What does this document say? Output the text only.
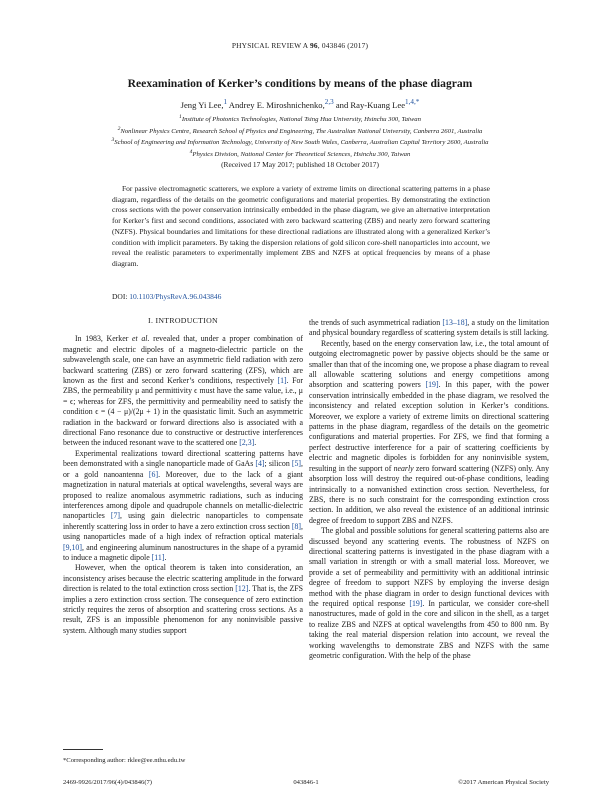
PHYSICAL REVIEW A 96, 043846 (2017)
Reexamination of Kerker’s conditions by means of the phase diagram
Jeng Yi Lee,$^1$ Andrey E. Miroshnichenko,$^{2,3}$ and Ray-Kuang Lee$^{1,4,*}$
$^1$Institute of Photonics Technologies, National Tsing Hua University, Hsinchu 300, Taiwan
$^2$Nonlinear Physics Centre, Research School of Physics and Engineering, The Australian National University, Canberra 2601, Australia
$^3$School of Engineering and Information Technology, University of New South Wales, Canberra, Australian Capital Territory 2600, Australia
$^4$Physics Division, National Center for Theoretical Sciences, Hsinchu 300, Taiwan
(Received 17 May 2017; published 18 October 2017)
For passive electromagnetic scatterers, we explore a variety of extreme limits on directional scattering patterns in a phase diagram, regardless of the details on the geometric configurations and material properties. By demonstrating the extinction cross sections with the power conservation intrinsically embedded in the phase diagram, we give an alternative interpretation for Kerker’s first and second conditions, associated with zero backward scattering (ZBS) and nearly zero forward scattering (NZFS). Physical boundaries and limitations for these directional radiations are illustrated along with a generalized Kerker’s condition with implicit parameters. By taking the dispersion relations of gold silicon core-shell nanoparticles into account, we reveal the realistic parameters to experimentally implement ZBS and NZFS at optical frequencies by means of a phase diagram.
DOI: 10.1103/PhysRevA.96.043846
I. INTRODUCTION

In 1983, Kerker et al. revealed that, under a proper combination of magnetic and electric dipoles of a magneto-dielectric particle on the subwavelength scale, one can have an asymmetric field radiation with zero backward scattering (ZBS) or zero forward scattering (ZFS), which are known as the first and second Kerker’s conditions, respectively [1]. For ZBS, the permeability μ and permittivity ϵ must have the same value, i.e., μ = ϵ; whereas for ZFS, the permittivity and permeability need to satisfy the condition ϵ = (4 − μ)/(2μ + 1) in the quasistatic limit. Such an asymmetric radiation in the backward or forward directions also is associated with a directional Fano resonance due to constructive or destructive interferences between the induced resonant wave to the scattered one [2,3].

Experimental realizations toward directional scattering patterns have been demonstrated with a single nanoparticle made of GaAs [4]; silicon [5], or a gold nanoantenna [6]. Moreover, due to the lack of a giant magnetization in natural materials at optical wavelengths, several ways are proposed to realize anomalous asymmetric radiations, such as inducing interferences among dipole and quadrupole channels on metallic-dielectric nanoparticles [7], using gain dielectric nanoparticles to compensate inherently scattering loss in order to have a zero extinction cross section [8], using nanoparticles made of a high index of refraction optical materials [9,10], and engineering aluminum nanostructures in the shape of a pyramid to induce a magnetic dipole [11].

However, when the optical theorem is taken into consideration, an inconsistency arises because the electric scattering amplitude in the forward direction is related to the total extinction cross section [12]. That is, the ZFS implies a zero extinction cross section. The consequence of zero extinction strictly requires the zeros of absorption and scattering cross sections. As a result, ZFS is an impossible phenomenon for any noninvisible passive system. Although many studies support

the trends of such asymmetrical radiation [13–18], a study on the limitation and physical boundary regardless of scattering system details is still lacking.

Recently, based on the energy conservation law, i.e., the total amount of outgoing electromagnetic power by passive objects should be the same or smaller than that of the incoming one, we propose a phase diagram to reveal all allowable scattering solutions and energy competitions among absorption and scattering powers [19]. In this paper, with the power conservation intrinsically embedded in the phase diagram, we resolved the inconsistency and related exception solution in Kerker’s conditions. Moreover, we explore a variety of extreme limits on directional scattering patterns in the phase diagram, regardless of the details on the geometric configurations and material properties. For ZFS, we find that forming a perfect destructive interference for a pair of scattering coefficients by electric and magnetic dipoles is forbidden for any noninvisible system, resulting in the support of nearly zero forward scattering (NZFS) only. Any absorption loss will destroy the required out-of-phase conditions, leading intrinsically to a nonvanished extinction cross section. Nevertheless, for ZBS, there is no such constraint for the corresponding extinction cross section. In addition, we also reveal the existence of an additional intrinsic degree of freedom to support ZBS and NZFS.

The global and possible solutions for general scattering patterns also are discussed beyond any scattering events. The robustness of NZFS on directional scattering patterns is investigated in the phase diagram with a small variation in strength or with a small material loss. Moreover, we provide a set of permeability and permittivity with an additional intrinsic degree of freedom to support NZFS by employing the inverse design method with the phase diagram in order to design functional devices with the required optical response [19]. In particular, we consider core-shell nanostructures, made of gold in the core and silicon in the shell, as a target to realize ZBS and NZFS at optical wavelengths from 450 to 800 nm. By taking the real material dispersion relation into account, we reveal the working wavelengths to demonstrate ZBS and NZFS with the same geometric configuration. With the help of the phase

*Corresponding author: rklee@ee.nthu.edu.tw
2469-9926/2017/96(4)/043846(7)	043846-1	©2017 American Physical Society
